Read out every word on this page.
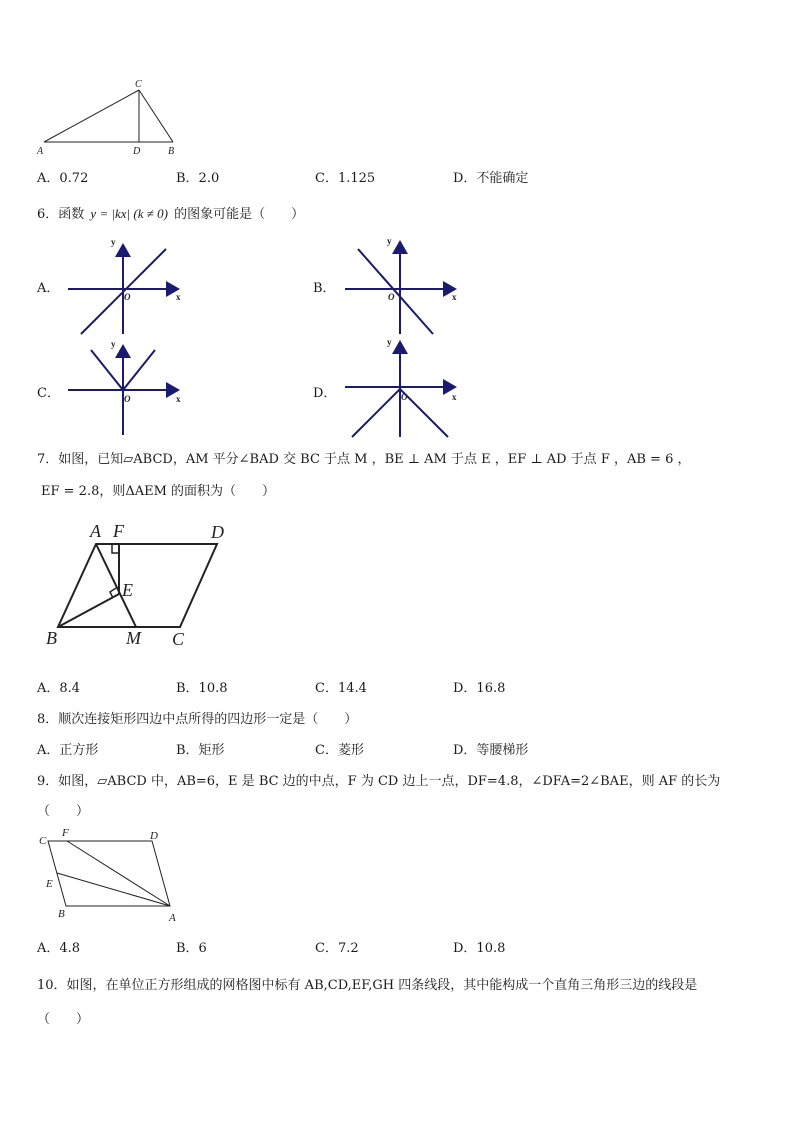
C
A	D	B
A．0.72	B．2.0	C．1.125	D．不能确定
6．函数 y = |kx| (k ≠ 0) 的图象可能是（　　）
A．	B．
C．	D．
y
x
O
y
x
O
y
x
O
y
x
O
7．如图，已知▱ABCD，AM 平分∠BAD 交 BC 于点 M ，BE ⊥ AM 于点 E ，EF ⊥ AD 于点 F ，AB = 6 ，
EF = 2.8，则ΔAEM 的面积为（　　）
A F	D
E
B	M C
A．8.4	B．10.8	C．14.4	D．16.8
8．顺次连接矩形四边中点所得的四边形一定是（　　）
A．正方形	B．矩形	C．菱形	D．等腰梯形
9．如图，▱ABCD 中，AB=6，E 是 BC 边的中点，F 为 CD 边上一点，DF=4.8，∠DFA=2∠BAE，则 AF 的长为
（　　）
C
F	D
E
B	A
A．4.8	B．6	C．7.2	D．10.8
10．如图，在单位正方形组成的网格图中标有 AB,CD,EF,GH 四条线段，其中能构成一个直角三角形三边的线段是
（　　）
